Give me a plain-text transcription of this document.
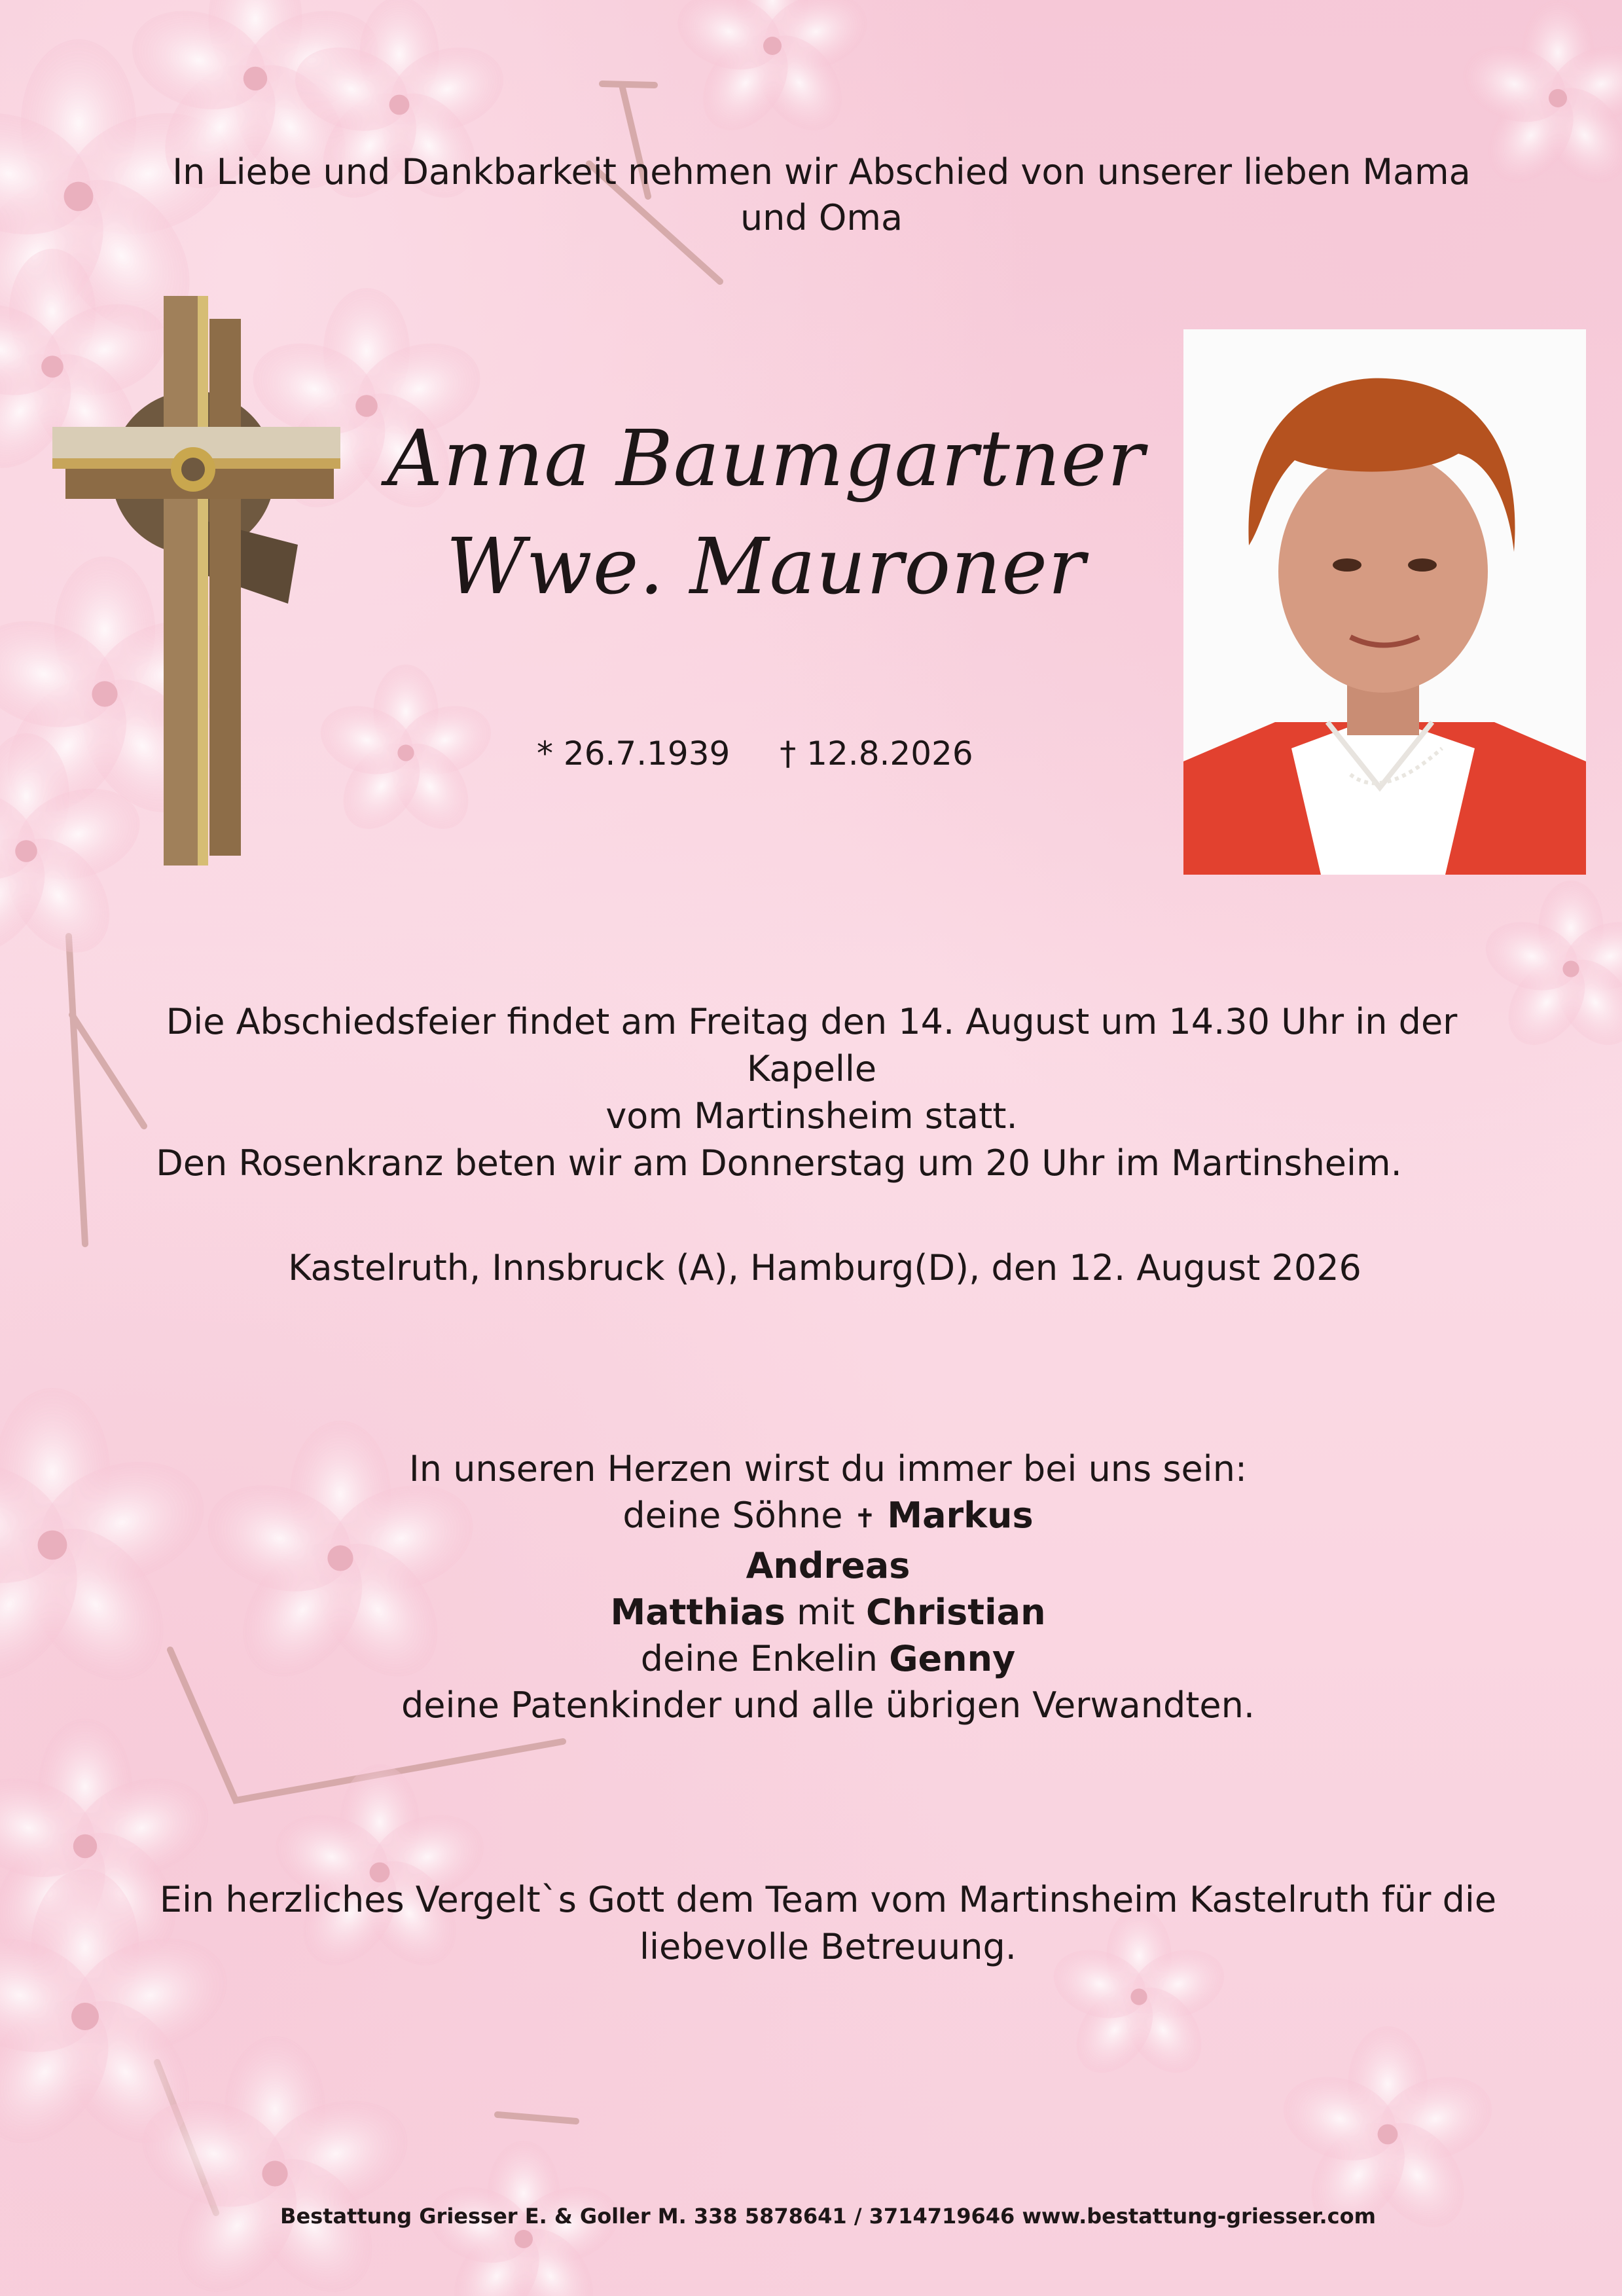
In Liebe und Dankbarkeit nehmen wir Abschied von unserer lieben Mama
und Oma
Anna Baumgartner
Wwe. Mauroner
* 26.7.1939 † 12.8.2026
Die Abschiedsfeier findet am Freitag den 14. August um 14.30 Uhr in der Kapelle
vom Martinsheim statt.
Den Rosenkranz beten wir am Donnerstag um 20 Uhr im Martinsheim.
Kastelruth, Innsbruck (A), Hamburg(D), den 12. August 2026
In unseren Herzen wirst du immer bei uns sein:
deine Söhne ✝ Markus
Andreas
Matthias mit Christian
deine Enkelin Genny
deine Patenkinder und alle übrigen Verwandten.
Ein herzliches Vergelt`s Gott dem Team vom Martinsheim Kastelruth für die
liebevolle Betreuung.
Bestattung Griesser E. & Goller M. 338 5878641 / 3714719646 www.bestattung-griesser.com
